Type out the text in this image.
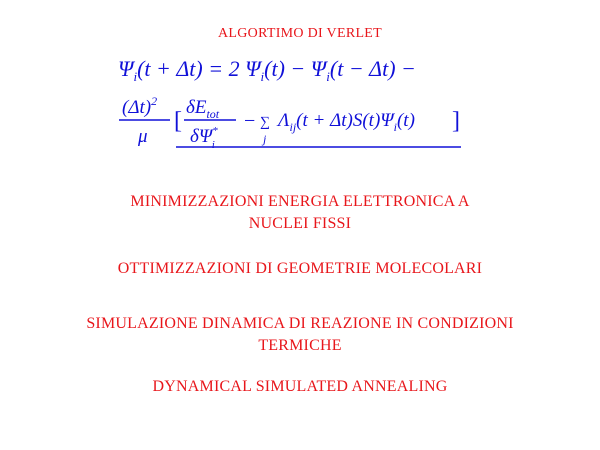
ALGORTIMO DI VERLET
$\Psi_i(t + \Delta t) = 2$ $\Psi_i(t) - \Psi_i(t - \Delta t)$ −
$(\Delta t)^2$
μ
[
$\delta E_{tot}$
δΨ* i
− ∑
j
$\Lambda_{ij}(t + \Delta t)S(t)\Psi_i(t)$ ]
MINIMIZZAZIONI ENERGIA ELETTRONICA A
NUCLEI FISSI
OTTIMIZZAZIONI DI GEOMETRIE MOLECOLARI
SIMULAZIONE DINAMICA DI REAZIONE IN CONDIZIONI
TERMICHE
DYNAMICAL SIMULATED ANNEALING
